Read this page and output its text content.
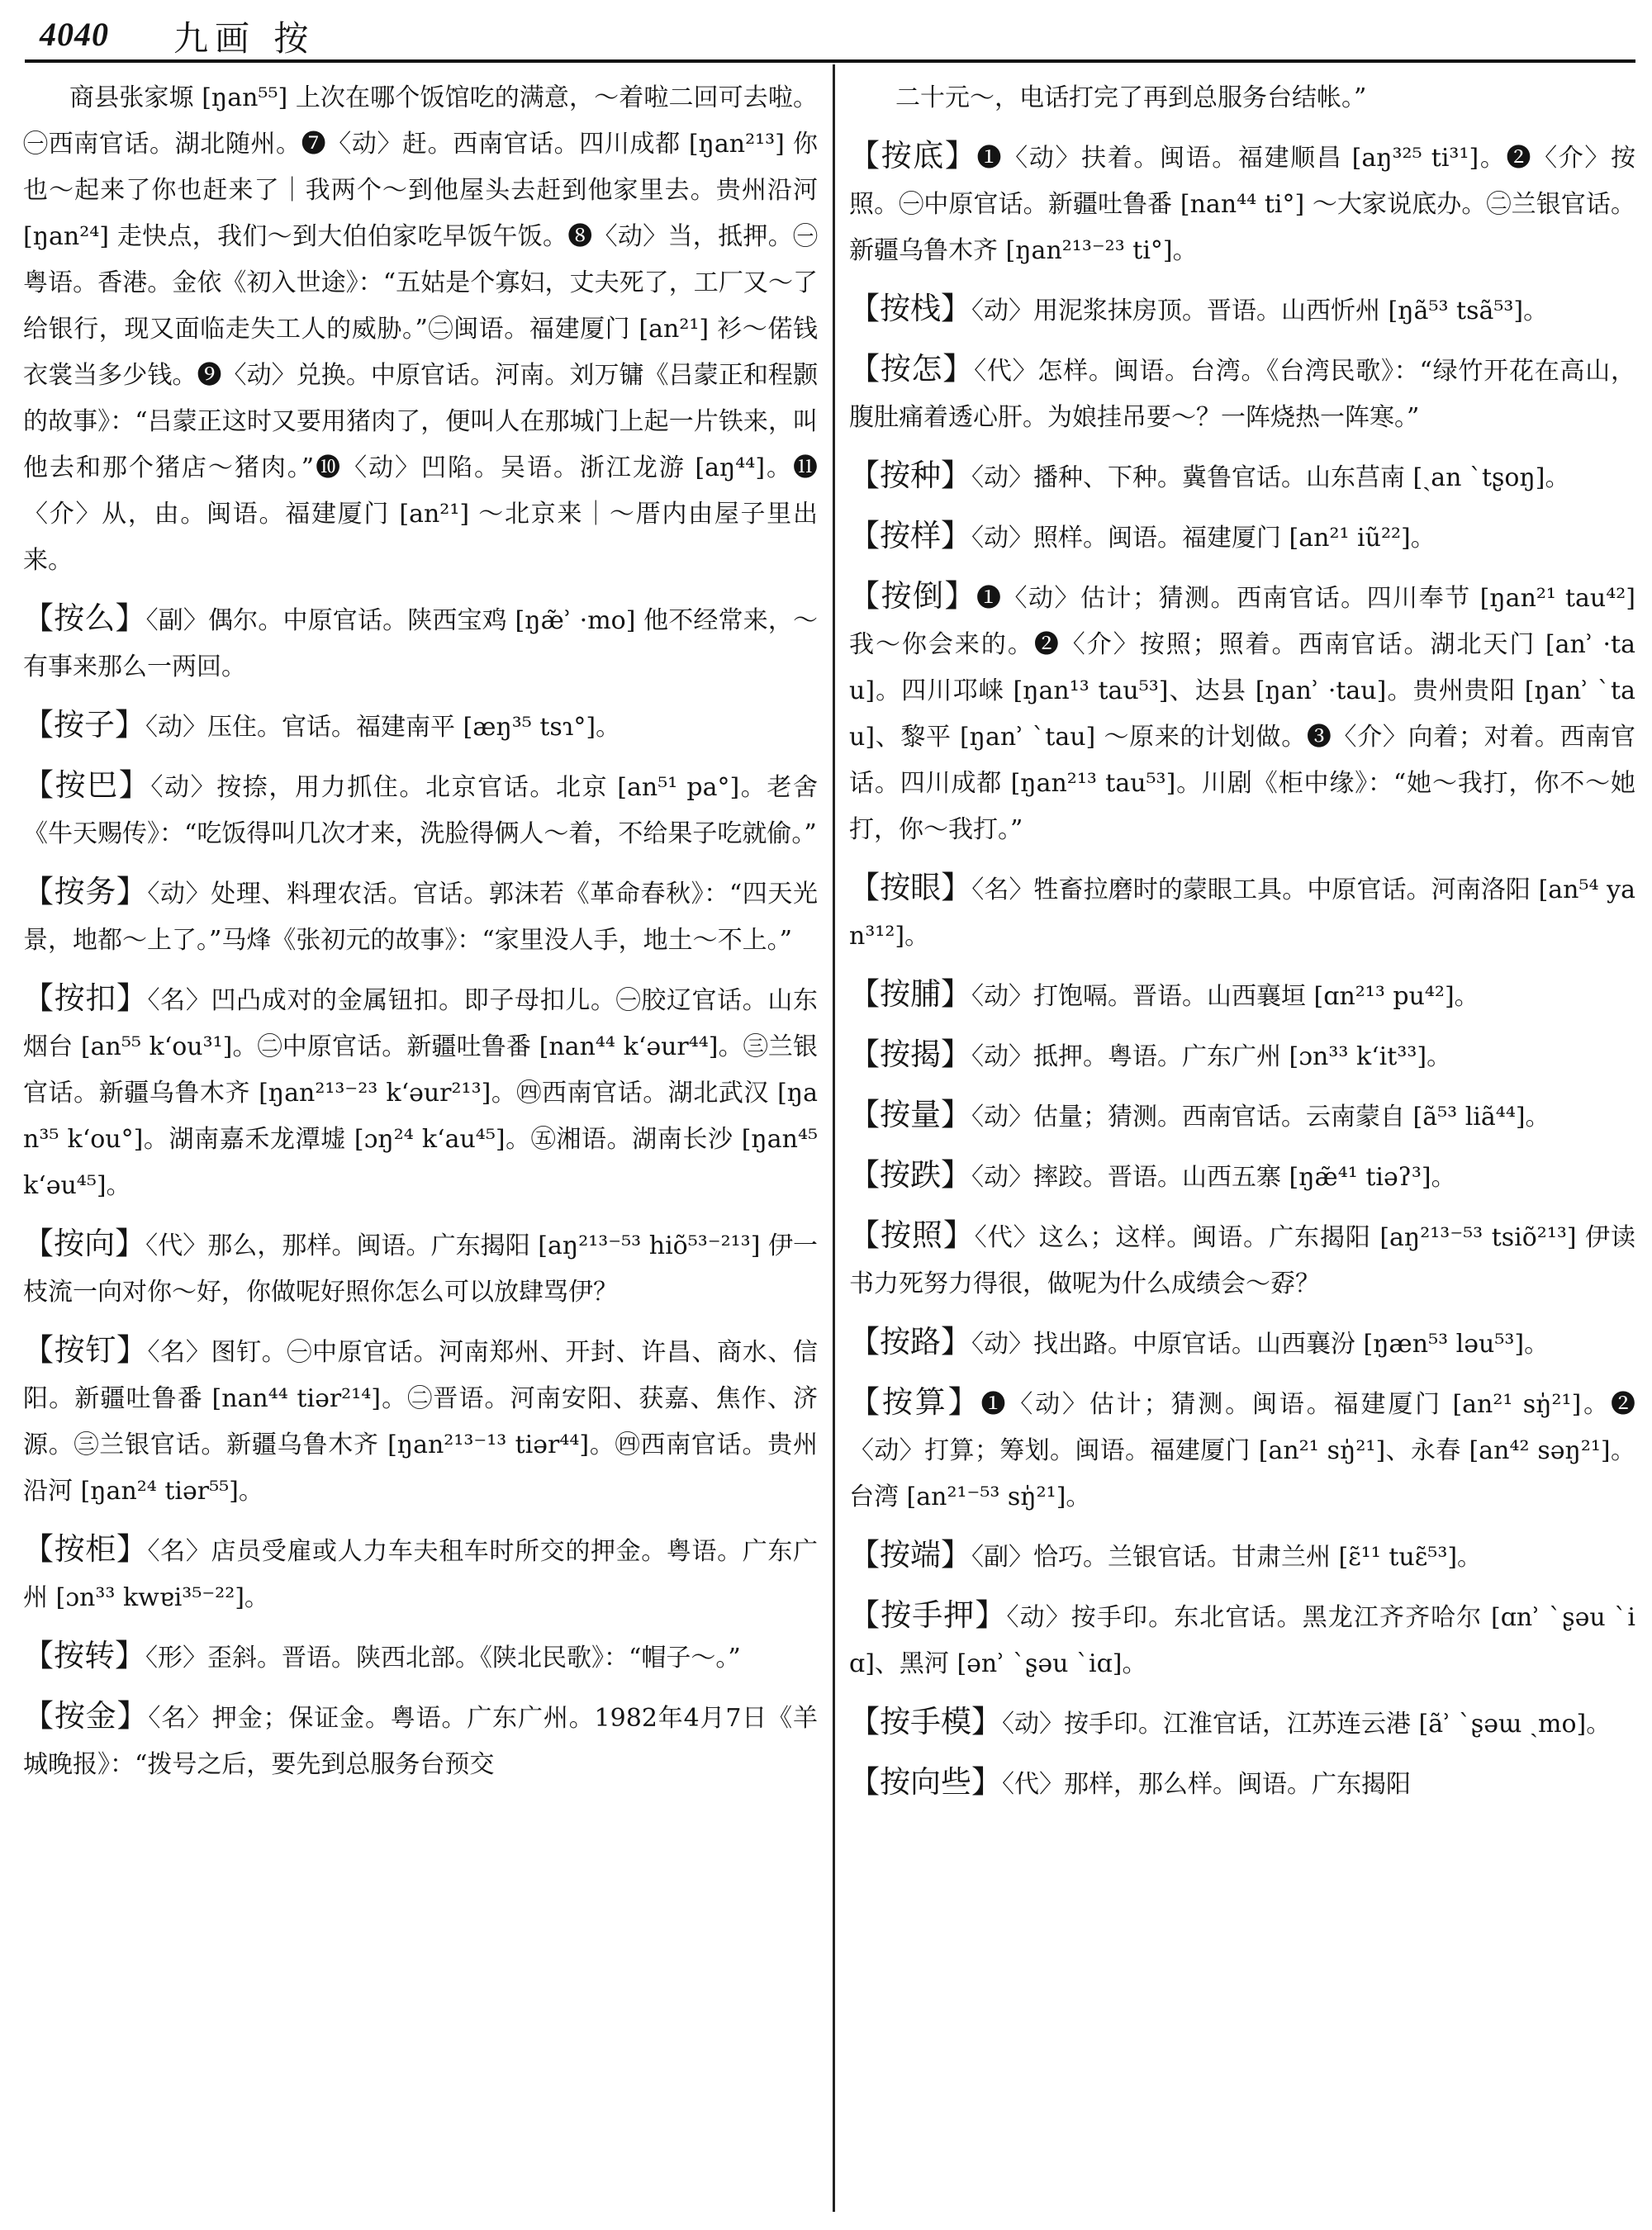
4040 九画 按

商县张家塬 [ŋan⁵⁵] 上次在哪个饭馆吃的满意，～着啦二回可去啦。㊀西南官话。湖北随州。❼〈动〉赶。西南官话。四川成都 [ŋan²¹³] 你也～起来了你也赶来了｜我两个～到他屋头去赶到他家里去。贵州沿河 [ŋan²⁴] 走快点，我们～到大伯伯家吃早饭午饭。❽〈动〉当，抵押。㊀粤语。香港。金依《初入世途》：“五姑是个寡妇，丈夫死了，工厂又～了给银行，现又面临走失工人的威胁。”㊁闽语。福建厦门 [an²¹] 衫～偌钱衣裳当多少钱。❾〈动〉兑换。中原官话。河南。刘万镛《吕蒙正和程颢的故事》：“吕蒙正这时又要用猪肉了，便叫人在那城门上起一片铁来，叫他去和那个猪店～猪肉。”❿〈动〉凹陷。吴语。浙江龙游 [aŋ⁴⁴]。⓫〈介〉从，由。闽语。福建厦门 [an²¹] ～北京来｜～厝内由屋子里出来。

【按么】〈副〉偶尔。中原官话。陕西宝鸡 [ŋæ̃ʾ ·mo] 他不经常来，～有事来那么一两回。

【按子】〈动〉压住。官话。福建南平 [æŋ³⁵ tsɿ°]。

【按巴】〈动〉按捺，用力抓住。北京官话。北京 [an⁵¹ pa°]。老舍《牛天赐传》：“吃饭得叫几次才来，洗脸得俩人～着，不给果子吃就偷。”

【按务】〈动〉处理、料理农活。官话。郭沫若《革命春秋》：“四天光景，地都～上了。”马烽《张初元的故事》：“家里没人手，地土～不上。”

【按扣】〈名〉凹凸成对的金属钮扣。即子母扣儿。㊀胶辽官话。山东烟台 [an⁵⁵ kʻou³¹]。㊁中原官话。新疆吐鲁番 [nan⁴⁴ kʻəur⁴⁴]。㊂兰银官话。新疆乌鲁木齐 [ŋan²¹³⁻²³ kʻəur²¹³]。㊃西南官话。湖北武汉 [ŋan³⁵ kʻou°]。湖南嘉禾龙潭墟 [ɔŋ²⁴ kʻau⁴⁵]。㊄湘语。湖南长沙 [ŋan⁴⁵ kʻəu⁴⁵]。

【按向】〈代〉那么，那样。闽语。广东揭阳 [aŋ²¹³⁻⁵³ hiõ⁵³⁻²¹³] 伊一枝流一向对你～好，你做呢好照你怎么可以放肆骂伊？

【按钉】〈名〉图钉。㊀中原官话。河南郑州、开封、许昌、商水、信阳。新疆吐鲁番 [nan⁴⁴ tiər²¹⁴]。㊁晋语。河南安阳、获嘉、焦作、济源。㊂兰银官话。新疆乌鲁木齐 [ŋan²¹³⁻¹³ tiər⁴⁴]。㊃西南官话。贵州沿河 [ŋan²⁴ tiər⁵⁵]。

【按柜】〈名〉店员受雇或人力车夫租车时所交的押金。粤语。广东广州 [ɔn³³ kwɐi³⁵⁻²²]。

【按转】〈形〉歪斜。晋语。陕西北部。《陕北民歌》：“帽子～。”

【按金】〈名〉押金；保证金。粤语。广东广州。1982年4月7日《羊城晚报》：“拨号之后，要先到总服务台预交

二十元～，电话打完了再到总服务台结帐。”

【按底】❶〈动〉扶着。闽语。福建顺昌 [aŋ³²⁵ ti³¹]。❷〈介〉按照。㊀中原官话。新疆吐鲁番 [nan⁴⁴ ti°] ～大家说底办。㊁兰银官话。新疆乌鲁木齐 [ŋan²¹³⁻²³ ti°]。

【按栈】〈动〉用泥浆抹房顶。晋语。山西忻州 [ŋã⁵³ tsã⁵³]。

【按怎】〈代〉怎样。闽语。台湾。《台湾民歌》：“绿竹开花在高山，腹肚痛着透心肝。为娘挂吊要～？一阵烧热一阵寒。”

【按种】〈动〉播种、下种。冀鲁官话。山东莒南 [ˏan ˋtʂoŋ]。

【按样】〈动〉照样。闽语。福建厦门 [an²¹ iũ²²]。

【按倒】❶〈动〉估计；猜测。西南官话。四川奉节 [ŋan²¹ tau⁴²] 我～你会来的。❷〈介〉按照；照着。西南官话。湖北天门 [anʾ ·tau]。四川邛崃 [ŋan¹³ tau⁵³]、达县 [ŋanʾ ·tau]。贵州贵阳 [ŋanʾ ˋtau]、黎平 [ŋanʾ ˋtau] ～原来的计划做。❸〈介〉向着；对着。西南官话。四川成都 [ŋan²¹³ tau⁵³]。川剧《柜中缘》：“她～我打，你不～她打，你～我打。”

【按眼】〈名〉牲畜拉磨时的蒙眼工具。中原官话。河南洛阳 [an⁵⁴ yan³¹²]。

【按脯】〈动〉打饱嗝。晋语。山西襄垣 [ɑn²¹³ pu⁴²]。

【按揭】〈动〉抵押。粤语。广东广州 [ɔn³³ kʻit³³]。

【按量】〈动〉估量；猜测。西南官话。云南蒙自 [ã⁵³ liã⁴⁴]。

【按跌】〈动〉摔跤。晋语。山西五寨 [ŋæ̃⁴¹ tiəʔ³]。

【按照】〈代〉这么；这样。闽语。广东揭阳 [aŋ²¹³⁻⁵³ tsiõ²¹³] 伊读书力死努力得很，做呢为什么成绩会～孬？

【按路】〈动〉找出路。中原官话。山西襄汾 [ŋæn⁵³ ləu⁵³]。

【按算】❶〈动〉估计；猜测。闽语。福建厦门 [an²¹ sŋ̍²¹]。❷〈动〉打算；筹划。闽语。福建厦门 [an²¹ sŋ̍²¹]、永春 [an⁴² səŋ²¹]。台湾 [an²¹⁻⁵³ sŋ̍²¹]。

【按端】〈副〉恰巧。兰银官话。甘肃兰州 [ɛ̃¹¹ tuɛ̃⁵³]。

【按手押】〈动〉按手印。东北官话。黑龙江齐齐哈尔 [ɑnʾ ˋʂəu ˋiɑ]、黑河 [ənʾ ˋʂəu ˋiɑ]。

【按手模】〈动〉按手印。江淮官话，江苏连云港 [ãʾ ˋʂəɯ ˏmo]。

【按向些】〈代〉那样，那么样。闽语。广东揭阳
